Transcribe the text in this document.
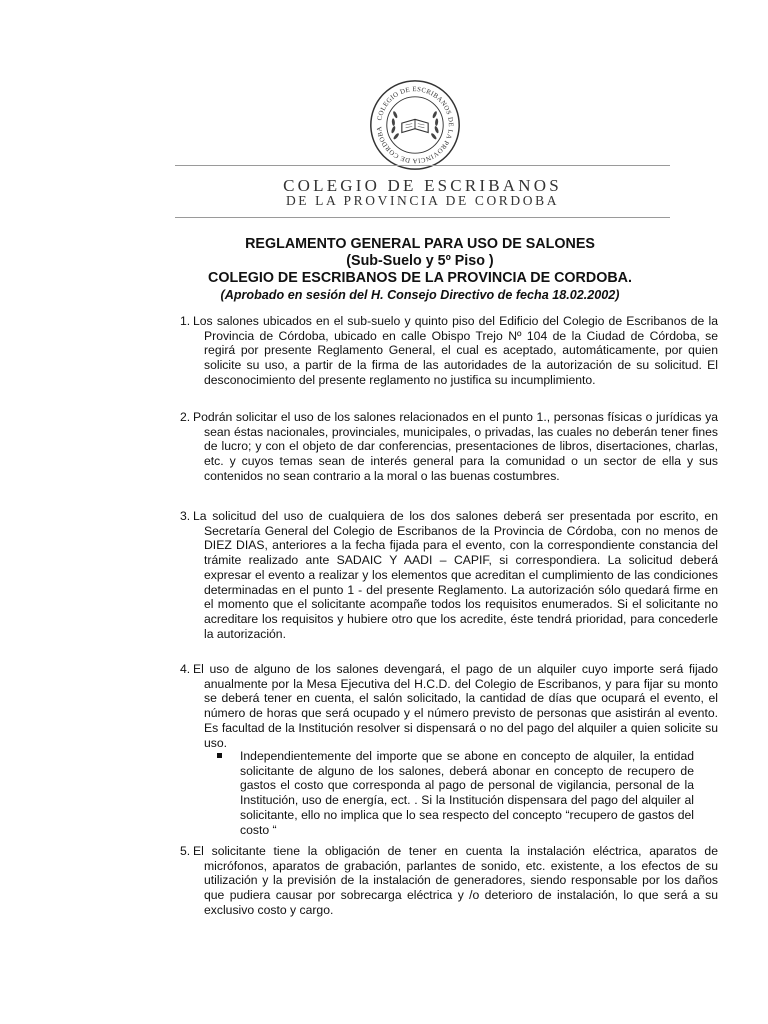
COLEGIO DE ESCRIBANOS DE LA PROVINCIA DE CORDOBA
COLEGIO DE ESCRIBANOS
DE LA PROVINCIA DE CORDOBA
REGLAMENTO GENERAL PARA USO DE SALONES
(Sub-Suelo y 5º Piso )
COLEGIO DE ESCRIBANOS DE LA PROVINCIA DE CORDOBA.
(Aprobado en sesión del H. Consejo Directivo de fecha 18.02.2002)
1. Los salones ubicados en el sub-suelo y quinto piso del Edificio del Colegio de Escribanos de la Provincia de Córdoba, ubicado en calle Obispo Trejo Nº 104 de la Ciudad de Córdoba, se regirá por presente Reglamento General, el cual es aceptado, automáticamente, por quien solicite su uso, a partir de la firma de las autoridades de la autorización de su solicitud. El desconocimiento del presente reglamento no justifica su incumplimiento.
2. Podrán solicitar el uso de los salones relacionados en el punto 1., personas físicas o jurídicas ya sean éstas nacionales, provinciales, municipales, o privadas, las cuales no deberán tener fines de lucro; y con el objeto de dar conferencias, presentaciones de libros, disertaciones, charlas, etc. y cuyos temas sean de interés general para la comunidad o un sector de ella y sus contenidos no sean contrario a la moral o las buenas costumbres.
3. La solicitud del uso de cualquiera de los dos salones deberá ser presentada por escrito, en Secretaría General del Colegio de Escribanos de la Provincia de Córdoba, con no menos de DIEZ DIAS, anteriores a la fecha fijada para el evento, con la correspondiente constancia del trámite realizado ante SADAIC Y AADI – CAPIF, si correspondiera. La solicitud deberá expresar el evento a realizar y los elementos que acreditan el cumplimiento de las condiciones determinadas en el punto 1 - del presente Reglamento. La autorización sólo quedará firme en el momento que el solicitante acompañe todos los requisitos enumerados. Si el solicitante no acreditare los requisitos y hubiere otro que los acredite, éste tendrá prioridad, para concederle la autorización.
4. El uso de alguno de los salones devengará, el pago de un alquiler cuyo importe será fijado anualmente por la Mesa Ejecutiva del H.C.D. del Colegio de Escribanos, y para fijar su monto se deberá tener en cuenta, el salón solicitado, la cantidad de días que ocupará el evento, el número de horas que será ocupado y el número previsto de personas que asistirán al evento. Es facultad de la Institución resolver si dispensará o no del pago del alquiler a quien solicite su uso.
Independientemente del importe que se abone en concepto de alquiler, la entidad solicitante de alguno de los salones, deberá abonar en concepto de recupero de gastos el costo que corresponda al pago de personal de vigilancia, personal de la Institución, uso de energía, ect. . Si la Institución dispensara del pago del alquiler al solicitante, ello no implica que lo sea respecto del concepto “recupero de gastos del costo “
5. El solicitante tiene la obligación de tener en cuenta la instalación eléctrica, aparatos de micrófonos, aparatos de grabación, parlantes de sonido, etc. existente, a los efectos de su utilización y la previsión de la instalación de generadores, siendo responsable por los daños que pudiera causar por sobrecarga eléctrica y /o deterioro de instalación, lo que será a su exclusivo costo y cargo.
